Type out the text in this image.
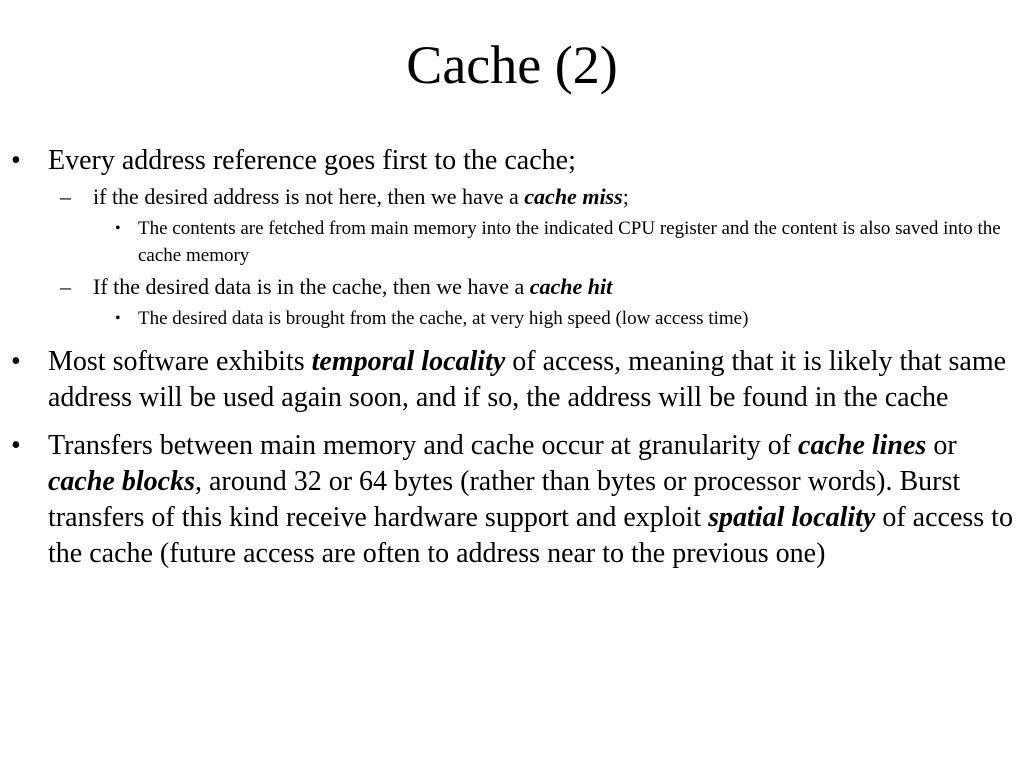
Cache (2)
• Every address reference goes first to the cache;
– if the desired address is not here, then we have a cache miss;
• The contents are fetched from main memory into the indicated CPU register and the content is also saved into the cache memory
– If the desired data is in the cache, then we have a cache hit
• The desired data is brought from the cache, at very high speed (low access time)
• Most software exhibits temporal locality of access, meaning that it is likely that same address will be used again soon, and if so, the address will be found in the cache
• Transfers between main memory and cache occur at granularity of cache lines or cache blocks, around 32 or 64 bytes (rather than bytes or processor words). Burst transfers of this kind receive hardware support and exploit spatial locality of access to the cache (future access are often to address near to the previous one)
